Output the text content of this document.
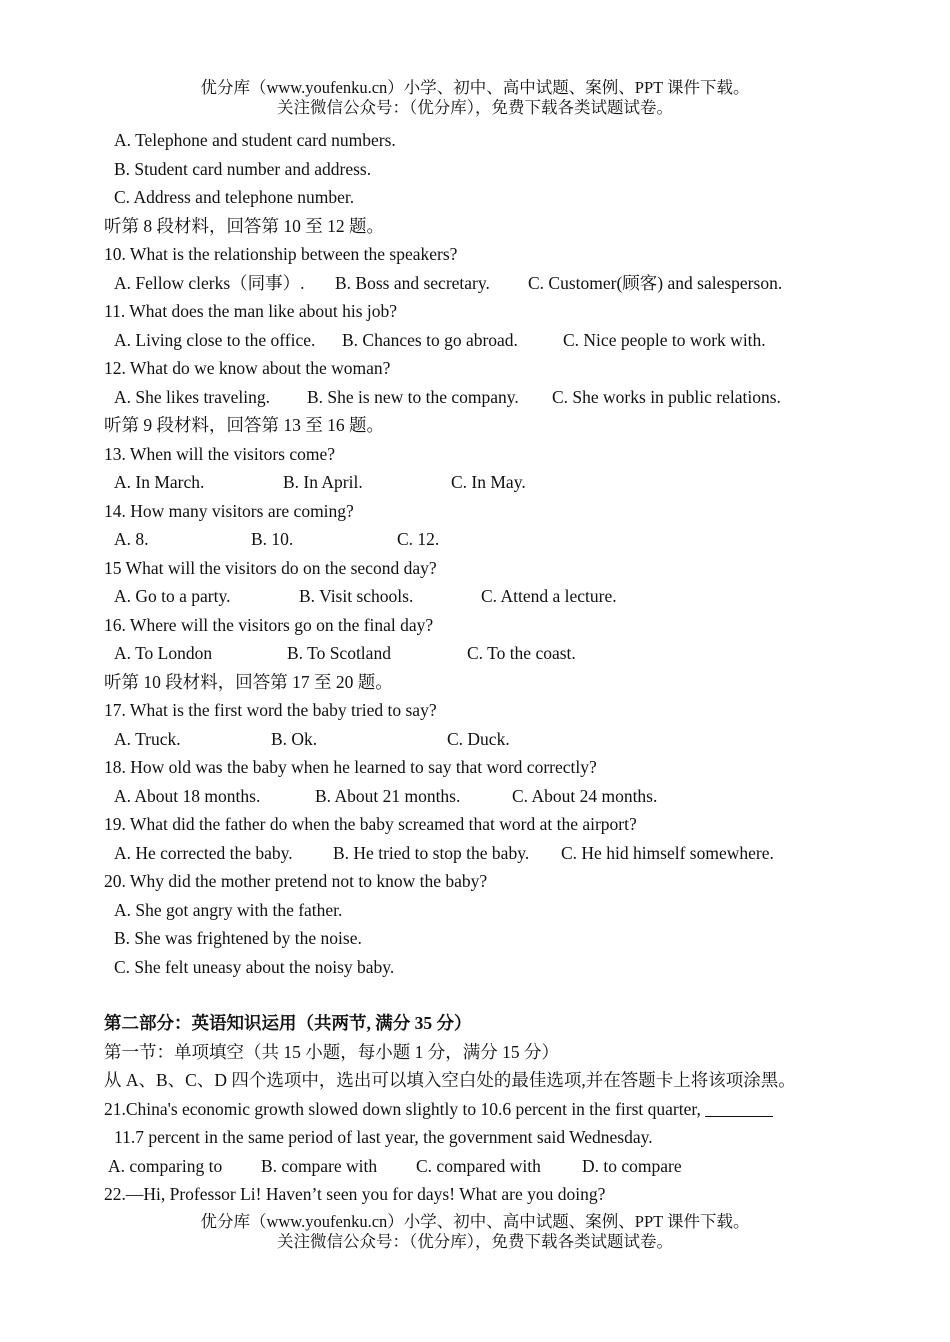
优分库（www.youfenku.cn）小学、初中、高中试题、案例、PPT 课件下载。
关注微信公众号：（优分库），免费下载各类试题试卷。
A. Telephone and student card numbers.
B. Student card number and address.
C. Address and telephone number.
听第 8 段材料，回答第 10 至 12 题。
10. What is the relationship between the speakers?
A. Fellow clerks（同事）. B. Boss and secretary. C. Customer(顾客) and salesperson.
11. What does the man like about his job?
A. Living close to the office. B. Chances to go abroad.	C. Nice people to work with.
12. What do we know about the woman?
A. She likes traveling. B. She is new to the company. C. She works in public relations.
听第 9 段材料，回答第 13 至 16 题。
13. When will the visitors come?
A. In March.	B. In April.	C. In May.
14. How many visitors are coming?
A. 8.	B. 10.	C. 12.
15 What will the visitors do on the second day?
A. Go to a party.	B. Visit schools.	C. Attend a lecture.
16. Where will the visitors go on the final day?
A. To London	B. To Scotland	C. To the coast.
听第 10 段材料，回答第 17 至 20 题。
17. What is the first word the baby tried to say?
A. Truck.	B. Ok.	C. Duck.
18. How old was the baby when he learned to say that word correctly?
A. About 18 months.	B. About 21 months.	C. About 24 months.
19. What did the father do when the baby screamed that word at the airport?
A. He corrected the baby. B. He tried to stop the baby. C. He hid himself somewhere.
20. Why did the mother pretend not to know the baby?
A. She got angry with the father.
B. She was frightened by the noise.
C. She felt uneasy about the noisy baby.
第二部分：英语知识运用（共两节, 满分 35 分）
第一节：单项填空（共 15 小题，每小题 1 分，满分 15 分）
从 A、B、C、D 四个选项中，选出可以填入空白处的最佳选项,并在答题卡上将该项涂黑。
21.China's economic growth slowed down slightly to 10.6 percent in the first quarter,
11.7 percent in the same period of last year, the government said Wednesday.
A. comparing to B. compare with C. compared with D. to compare
22.—Hi, Professor Li! Haven’t seen you for days! What are you doing?
优分库（www.youfenku.cn）小学、初中、高中试题、案例、PPT 课件下载。
关注微信公众号：（优分库），免费下载各类试题试卷。
